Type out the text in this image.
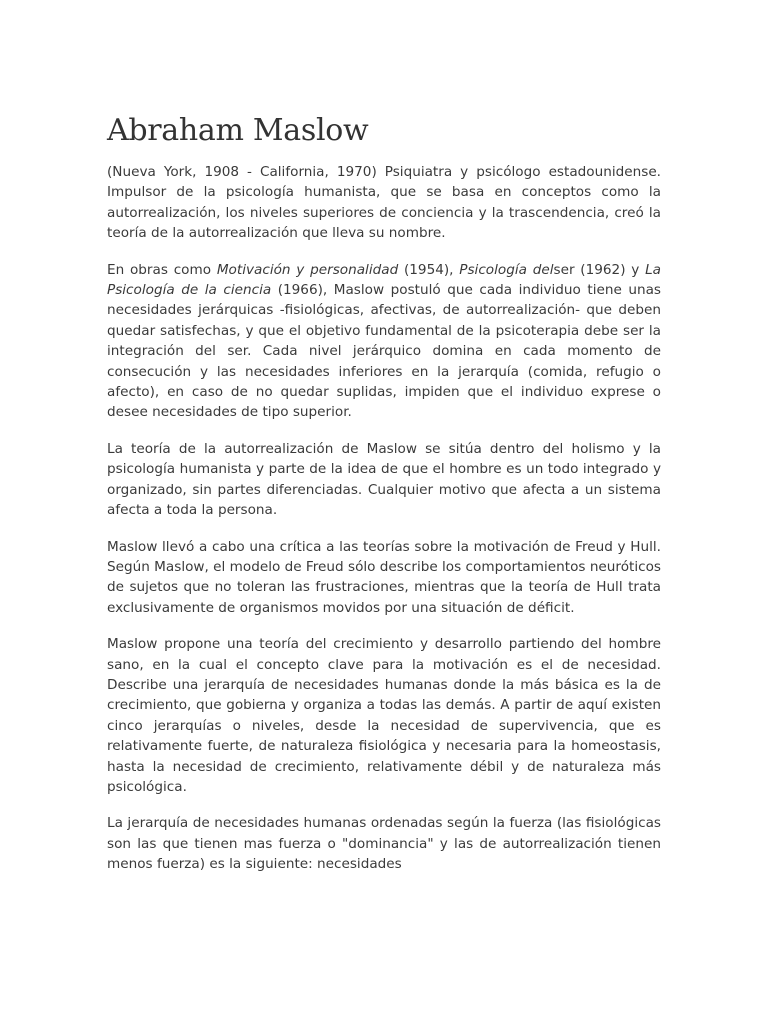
Abraham Maslow

(Nueva York, 1908 - California, 1970) Psiquiatra y psicólogo estadounidense. Impulsor de la psicología humanista, que se basa en conceptos como la autorrealización, los niveles superiores de conciencia y la trascendencia, creó la teoría de la autorrealización que lleva su nombre.

En obras como Motivación y personalidad (1954), Psicología delser (1962) y La Psicología de la ciencia (1966), Maslow postuló que cada individuo tiene unas necesidades jerárquicas -fisiológicas, afectivas, de autorrealización- que deben quedar satisfechas, y que el objetivo fundamental de la psicoterapia debe ser la integración del ser. Cada nivel jerárquico domina en cada momento de consecución y las necesidades inferiores en la jerarquía (comida, refugio o afecto), en caso de no quedar suplidas, impiden que el individuo exprese o desee necesidades de tipo superior.

La teoría de la autorrealización de Maslow se sitúa dentro del holismo y la psicología humanista y parte de la idea de que el hombre es un todo integrado y organizado, sin partes diferenciadas. Cualquier motivo que afecta a un sistema afecta a toda la persona.

Maslow llevó a cabo una crítica a las teorías sobre la motivación de Freud y Hull. Según Maslow, el modelo de Freud sólo describe los comportamientos neuróticos de sujetos que no toleran las frustraciones, mientras que la teoría de Hull trata exclusivamente de organismos movidos por una situación de déficit.

Maslow propone una teoría del crecimiento y desarrollo partiendo del hombre sano, en la cual el concepto clave para la motivación es el de necesidad. Describe una jerarquía de necesidades humanas donde la más básica es la de crecimiento, que gobierna y organiza a todas las demás. A partir de aquí existen cinco jerarquías o niveles, desde la necesidad de supervivencia, que es relativamente fuerte, de naturaleza fisiológica y necesaria para la homeostasis, hasta la necesidad de crecimiento, relativamente débil y de naturaleza más psicológica.

La jerarquía de necesidades humanas ordenadas según la fuerza (las fisiológicas son las que tienen mas fuerza o "dominancia" y las de autorrealización tienen menos fuerza) es la siguiente: necesidades
